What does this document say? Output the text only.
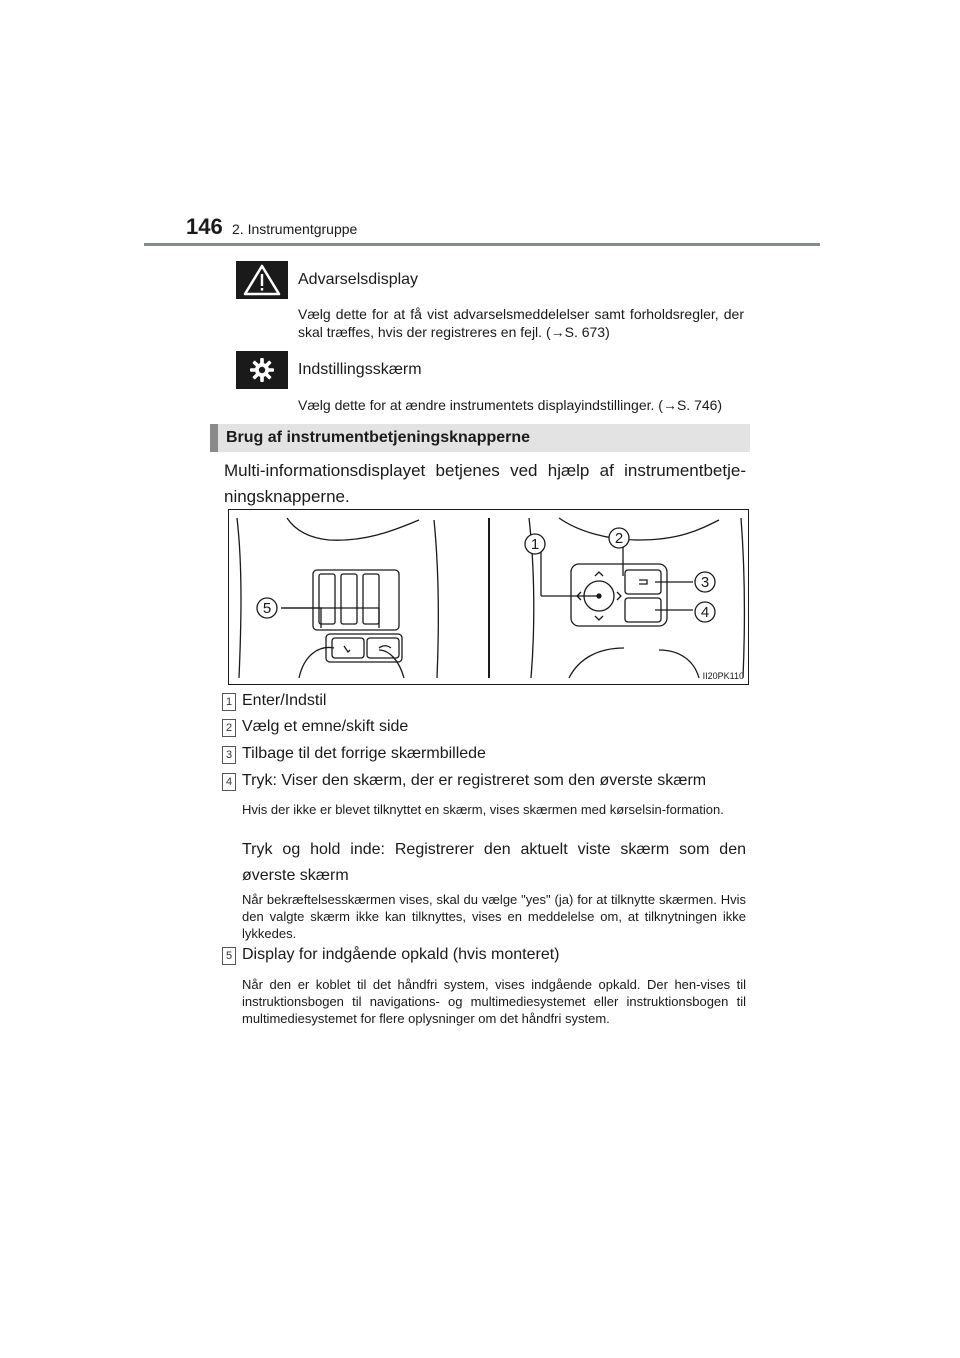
146 2. Instrumentgruppe
Advarselsdisplay
Vælg dette for at få vist advarselsmeddelelser samt forholdsregler, der skal træffes, hvis der registreres en fejl. (→S. 673)
Indstillingsskærm
Vælg dette for at ændre instrumentets displayindstillinger. (→S. 746)
Brug af instrumentbetjeningsknapperne
Multi-informationsdisplayet betjenes ved hjælp af instrumentbetje-ningsknapperne.
1	2
3
4
5
II20PK110
1 Enter/Indstil
2 Vælg et emne/skift side
3 Tilbage til det forrige skærmbillede
4 Tryk: Viser den skærm, der er registreret som den øverste skærm
Hvis der ikke er blevet tilknyttet en skærm, vises skærmen med kørselsin-formation.
Tryk og hold inde: Registrerer den aktuelt viste skærm som den øverste skærm
Når bekræftelsesskærmen vises, skal du vælge "yes" (ja) for at tilknytte skærmen. Hvis den valgte skærm ikke kan tilknyttes, vises en meddelelse om, at tilknytningen ikke lykkedes.
5 Display for indgående opkald (hvis monteret)
Når den er koblet til det håndfri system, vises indgående opkald. Der hen-vises til instruktionsbogen til navigations- og multimediesystemet eller instruktionsbogen til multimediesystemet for flere oplysninger om det håndfri system.
